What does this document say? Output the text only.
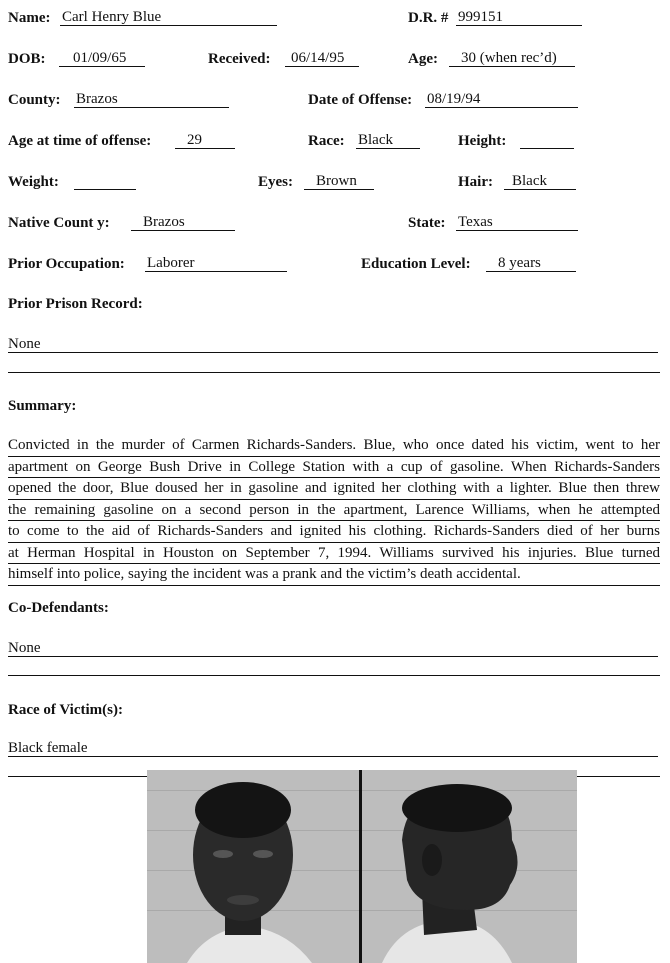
Name: Carl Henry Blue	D.R. # 999151
DOB:	01/09/65	Received:	06/14/95	Age:	30 (when rec’d)
County: Brazos	Date of Offense: 08/19/94
Age at time of offense:	29	Race: Black	Height:
Weight:	Eyes:	Brown	Hair:	Black
Native Count y:	Brazos	State: Texas
Prior Occupation: Laborer	Education Level:	8 years
Prior Prison Record:
None
Summary:
Convicted in the murder of Carmen Richards-Sanders. Blue, who once dated his victim, went to her
apartment on George Bush Drive in College Station with a cup of gasoline. When Richards-Sanders
opened the door, Blue doused her in gasoline and ignited her clothing with a lighter. Blue then threw
the remaining gasoline on a second person in the apartment, Larence Williams, when he attempted
to come to the aid of Richards-Sanders and ignited his clothing. Richards-Sanders died of her burns
at Herman Hospital in Houston on September 7, 1994. Williams survived his injuries. Blue turned
himself into police, saying the incident was a prank and the victim’s death accidental.
Co-Defendants:
None
Race of Victim(s):
Black female
